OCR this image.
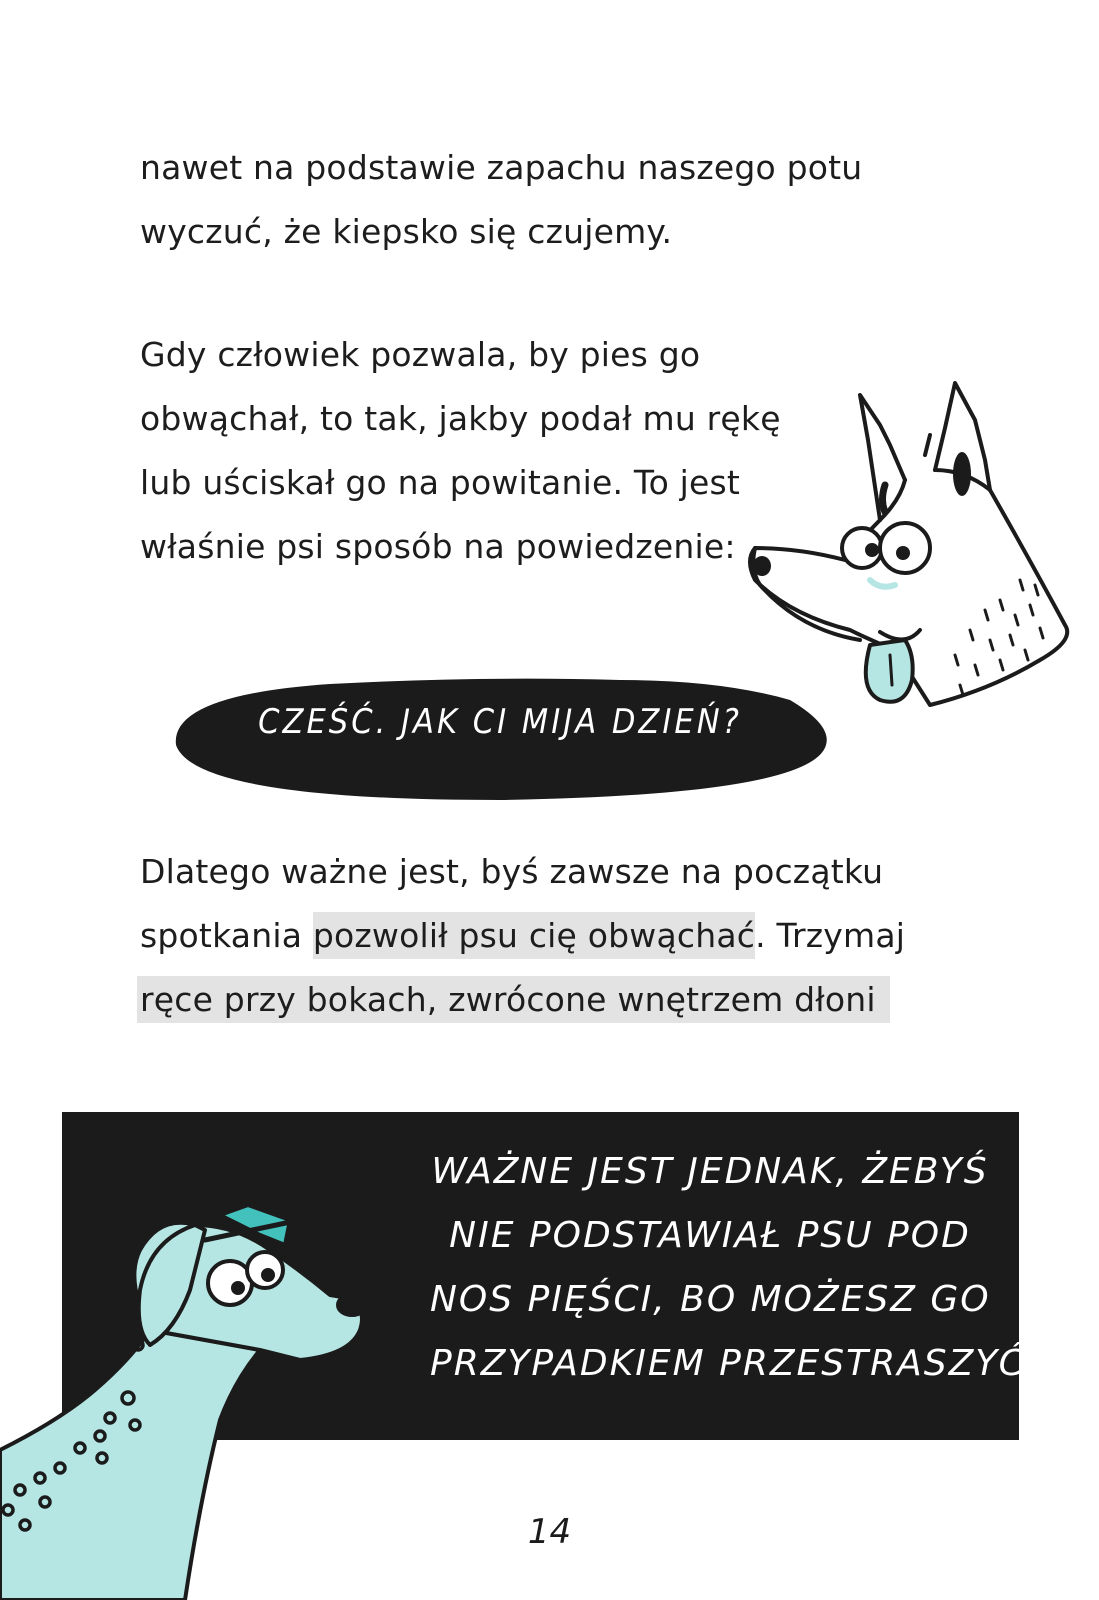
nawet na podstawie zapachu naszego potu
wyczuć, że kiepsko się czujemy.
Gdy człowiek pozwala, by pies go
obwąchał, to tak, jakby podał mu rękę
lub uściskał go na powitanie. To jest
właśnie psi sposób na powiedzenie:
CZEŚĆ. JAK CI MIJA DZIEŃ?
Dlatego ważne jest, byś zawsze na początku
spotkania pozwolił psu cię obwąchać. Trzymaj
ręce przy bokach, zwrócone wnętrzem dłoni
WAŻNE JEST JEDNAK, ŻEBYŚ
NIE PODSTAWIAŁ PSU POD
NOS PIĘŚCI, BO MOŻESZ GO
PRZYPADKIEM PRZESTRASZYĆ.
14
